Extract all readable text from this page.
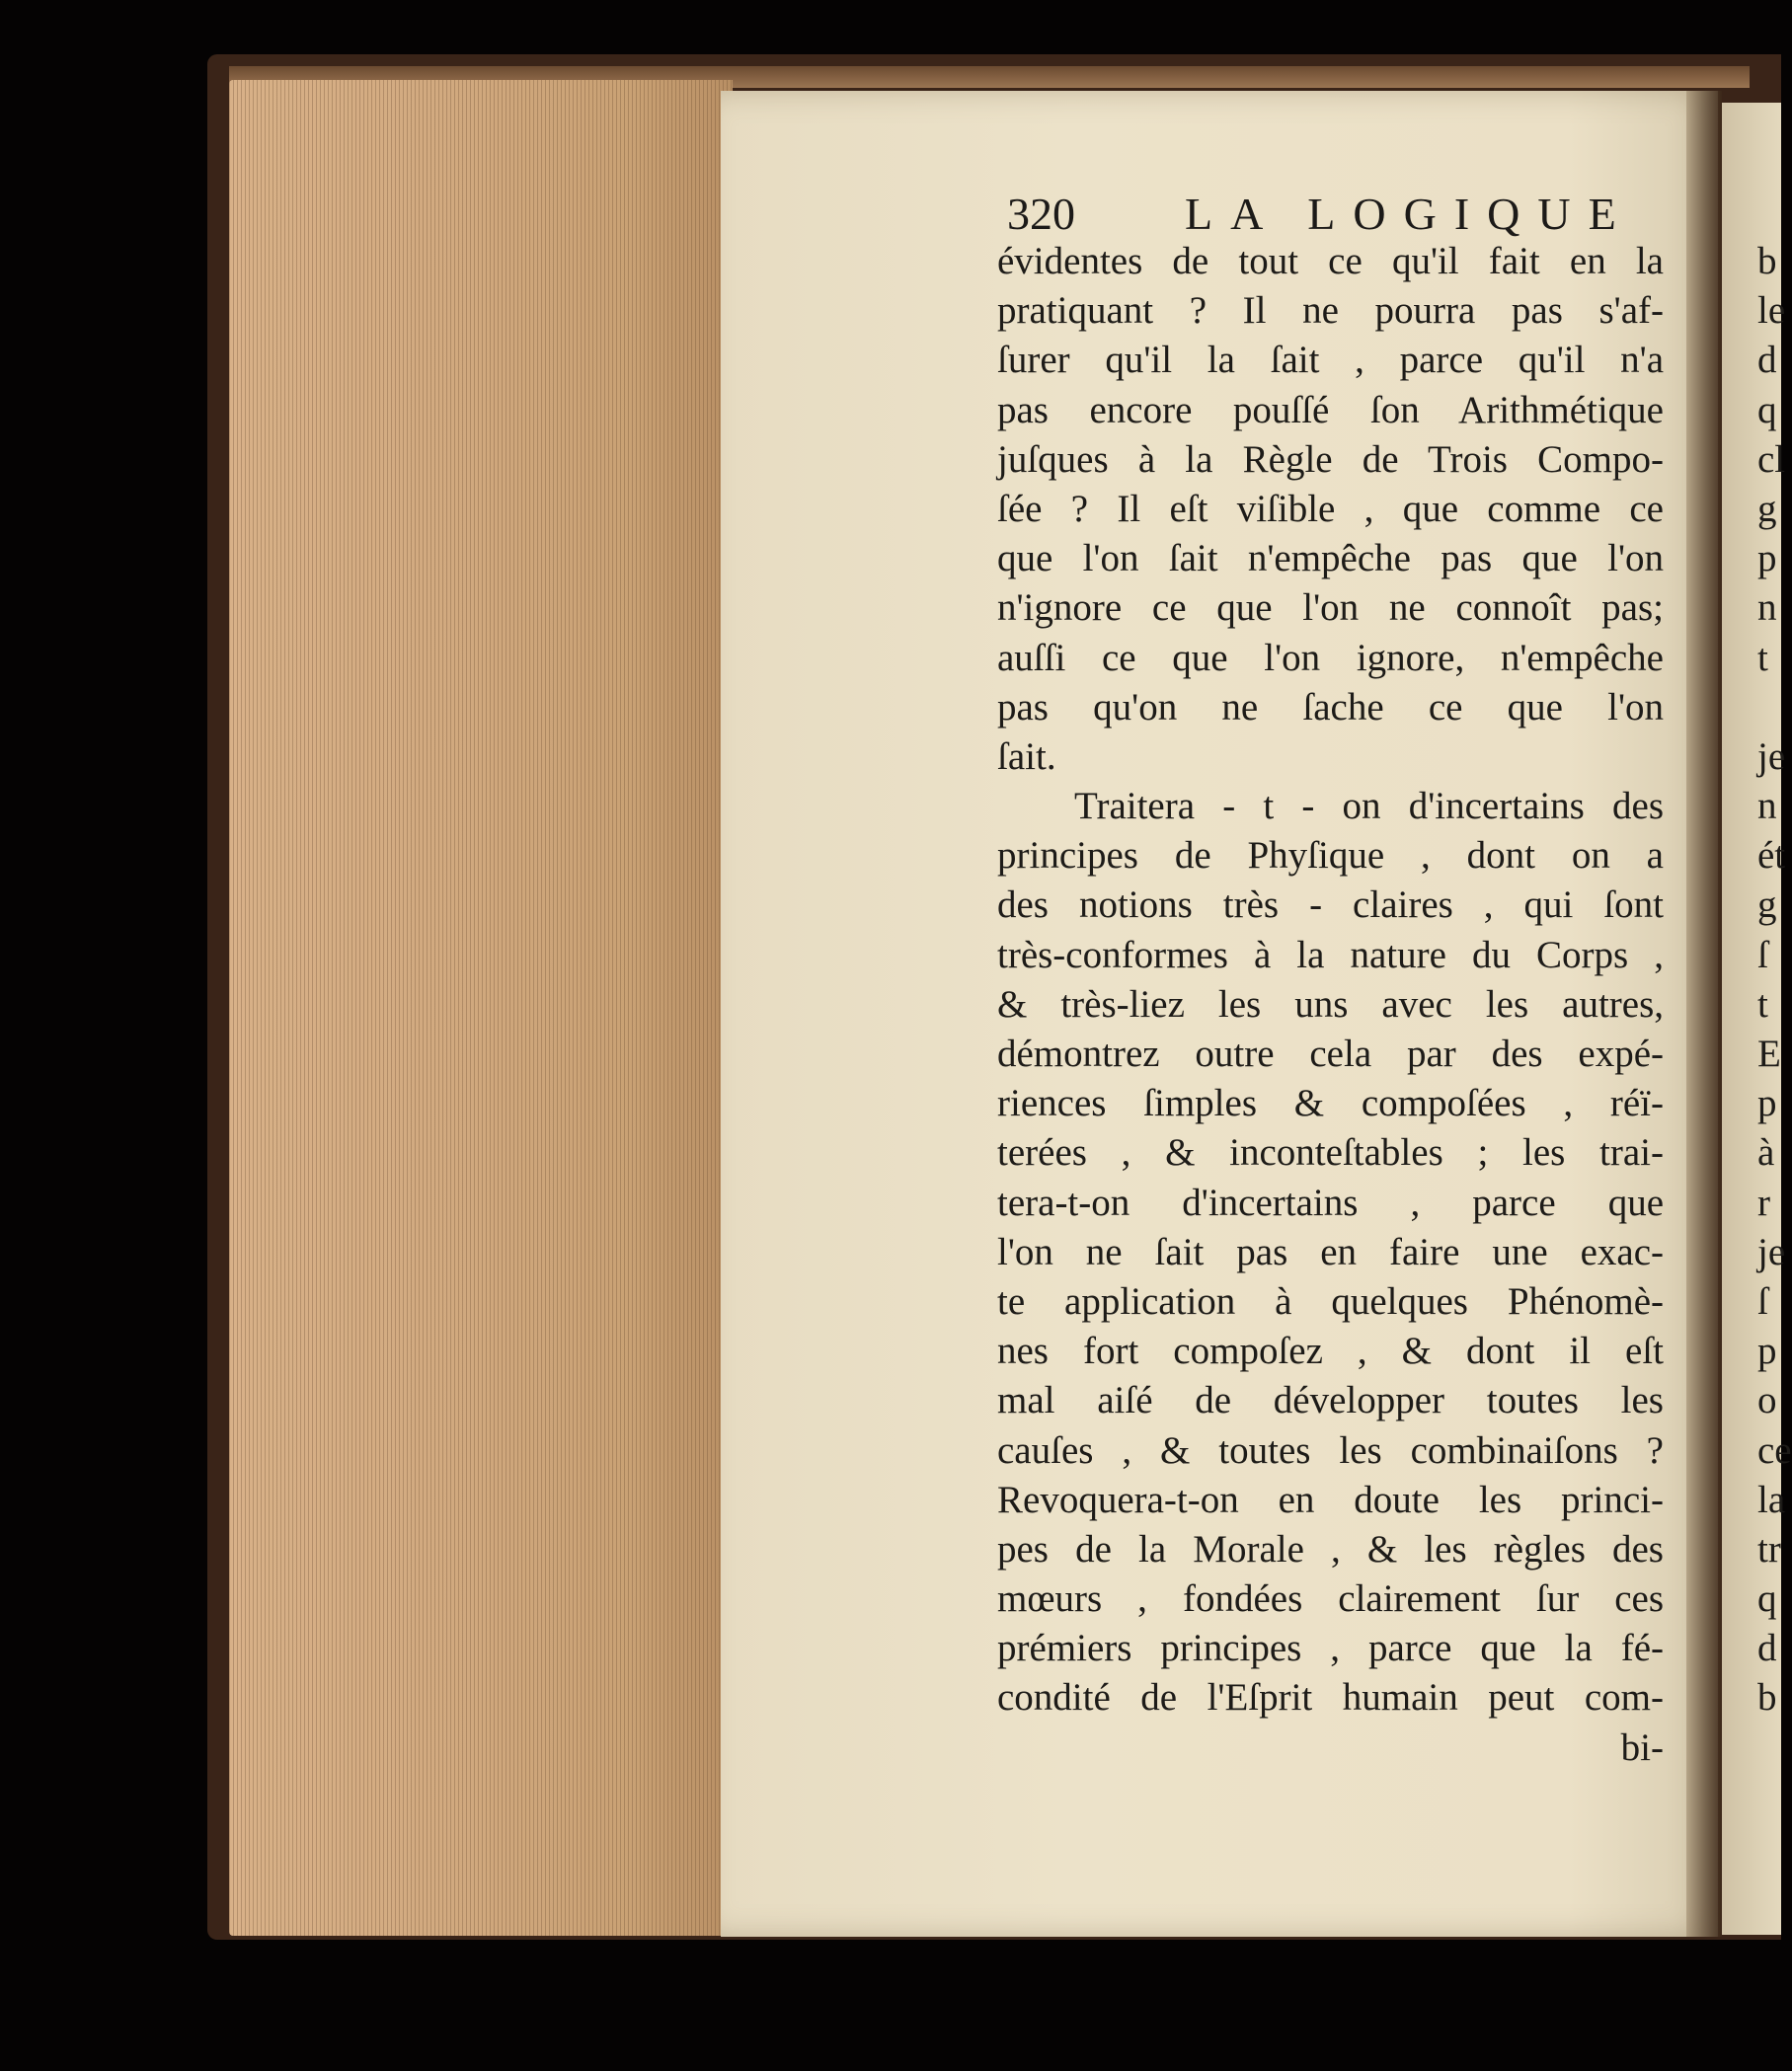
320 LA LOGIQUE
évidentes de tout ce qu'il fait en la
pratiquant ? Il ne pourra pas s'af-
ſurer qu'il la ſait , parce qu'il n'a
pas encore pouſſé ſon Arithmétique
juſques à la Règle de Trois Compo-
ſée ? Il eſt viſible , que comme ce
que l'on ſait n'empêche pas que l'on
n'ignore ce que l'on ne connoît pas;
auſſi ce que l'on ignore, n'empêche
pas qu'on ne ſache ce que l'on
ſait.
Traitera - t - on d'incertains des
principes de Phyſique , dont on a
des notions très - claires , qui ſont
très-conformes à la nature du Corps ,
& très-liez les uns avec les autres,
démontrez outre cela par des expé-
riences ſimples & compoſées , réï-
terées , & inconteſtables ; les trai-
tera-t-on d'incertains , parce que
l'on ne ſait pas en faire une exac-
te application à quelques Phénomè-
nes fort compoſez , & dont il eſt
mal aiſé de développer toutes les
cauſes , & toutes les combinaiſons ?
Revoquera-t-on en doute les princi-
pes de la Morale , & les règles des
mœurs , fondées clairement ſur ces
prémiers principes , parce que la fé-
condité de l'Eſprit humain peut com-
bi-
b
le
d
q
cl
g
p
n
t
je
n
ét
g
ſ
t
E
p
à
r
je
ſ
p
o
ce
la
tr
q
d
b
